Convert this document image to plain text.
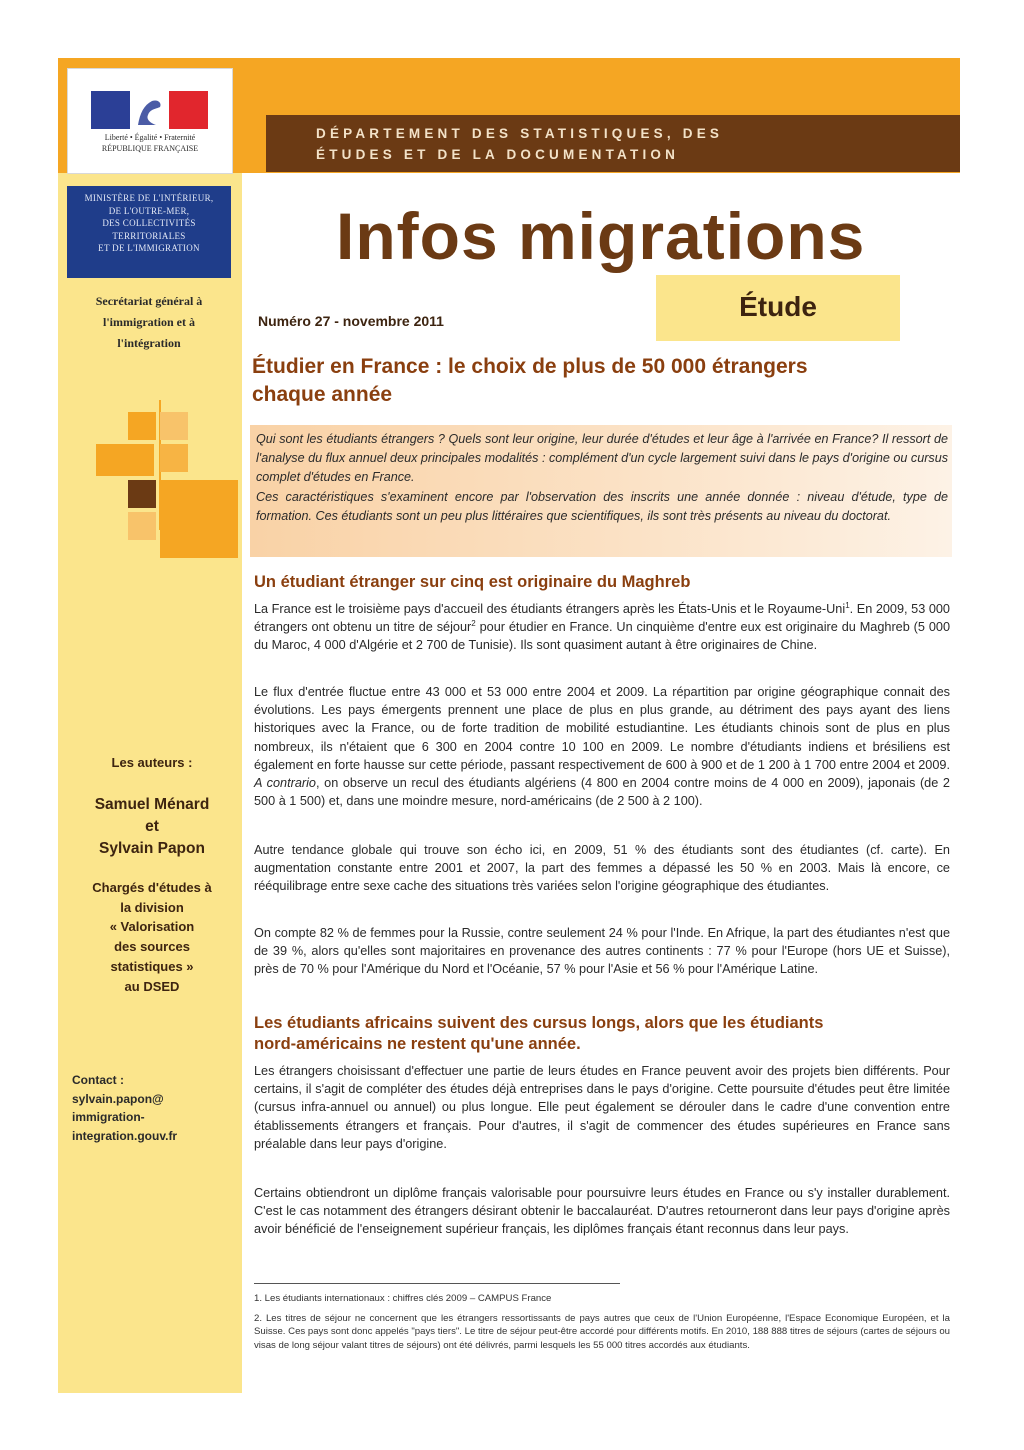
Liberté • Égalité • Fraternité
RÉPUBLIQUE FRANÇAISE
MINISTÈRE DE L'INTÉRIEUR,
DE L'OUTRE-MER,
DES COLLECTIVITÉS
TERRITORIALES
ET DE L'IMMIGRATION
Secrétariat général à
l'immigration et à
l'intégration
DÉPARTEMENT DES STATISTIQUES, DES
ÉTUDES ET DE LA DOCUMENTATION
Infos migrations
Étude
Numéro 27 - novembre 2011
Étudier en France : le choix de plus de 50 000 étrangers
chaque année

Qui sont les étudiants étrangers ? Quels sont leur origine, leur durée d'études et leur âge à l'arrivée en France? Il ressort de l'analyse du flux annuel deux principales modalités : complément d'un cycle largement suivi dans le pays d'origine ou cursus complet d'études en France.

Ces caractéristiques s'examinent encore par l'observation des inscrits une année donnée : niveau d'étude, type de formation. Ces étudiants sont un peu plus littéraires que scientifiques, ils sont très présents au niveau du doctorat.

Un étudiant étranger sur cinq est originaire du Maghreb

La France est le troisième pays d'accueil des étudiants étrangers après les États-Unis et le Royaume-Uni$^1$. En 2009, 53 000 étrangers ont obtenu un titre de séjour$^2$ pour étudier en France. Un cinquième d'entre eux est originaire du Maghreb (5 000 du Maroc, 4 000 d'Algérie et 2 700 de Tunisie). Ils sont quasiment autant à être originaires de Chine.

Le flux d'entrée fluctue entre 43 000 et 53 000 entre 2004 et 2009. La répartition par origine géographique connait des évolutions. Les pays émergents prennent une place de plus en plus grande, au détriment des pays ayant des liens historiques avec la France, ou de forte tradition de mobilité estudiantine. Les étudiants chinois sont de plus en plus nombreux, ils n'étaient que 6 300 en 2004 contre 10 100 en 2009. Le nombre d'étudiants indiens et brésiliens est également en forte hausse sur cette période, passant respectivement de 600 à 900 et de 1 200 à 1 700 entre 2004 et 2009. A contrario, on observe un recul des étudiants algériens (4 800 en 2004 contre moins de 4 000 en 2009), japonais (de 2 500 à 1 500) et, dans une moindre mesure, nord-américains (de 2 500 à 2 100).

Autre tendance globale qui trouve son écho ici, en 2009, 51 % des étudiants sont des étudiantes (cf. carte). En augmentation constante entre 2001 et 2007, la part des femmes a dépassé les 50 % en 2003. Mais là encore, ce rééquilibrage entre sexe cache des situations très variées selon l'origine géographique des étudiantes.

On compte 82 % de femmes pour la Russie, contre seulement 24 % pour l'Inde. En Afrique, la part des étudiantes n'est que de 39 %, alors qu'elles sont majoritaires en provenance des autres continents : 77 % pour l'Europe (hors UE et Suisse), près de 70 % pour l'Amérique du Nord et l'Océanie, 57 % pour l'Asie et 56 % pour l'Amérique Latine.

Les étudiants africains suivent des cursus longs, alors que les étudiants
nord-américains ne restent qu'une année.

Les étrangers choisissant d'effectuer une partie de leurs études en France peuvent avoir des projets bien différents. Pour certains, il s'agit de compléter des études déjà entreprises dans le pays d'origine. Cette poursuite d'études peut être limitée (cursus infra-annuel ou annuel) ou plus longue. Elle peut également se dérouler dans le cadre d'une convention entre établissements étrangers et français. Pour d'autres, il s'agit de commencer des études supérieures en France sans préalable dans leur pays d'origine.

Certains obtiendront un diplôme français valorisable pour poursuivre leurs études en France ou s'y installer durablement. C'est le cas notamment des étrangers désirant obtenir le baccalauréat. D'autres retourneront dans leur pays d'origine après avoir bénéficié de l'enseignement supérieur français, les diplômes français étant reconnus dans leur pays.

Les auteurs :
Samuel Ménard
et
Sylvain Papon
Chargés d'études à
la division
« Valorisation
des sources
statistiques »
au DSED
Contact :
sylvain.papon@
immigration-
integration.gouv.fr

1. Les étudiants internationaux : chiffres clés 2009 – CAMPUS France

2. Les titres de séjour ne concernent que les étrangers ressortissants de pays autres que ceux de l'Union Européenne, l'Espace Economique Européen, et la Suisse. Ces pays sont donc appelés "pays tiers". Le titre de séjour peut-être accordé pour différents motifs. En 2010, 188 888 titres de séjours (cartes de séjours ou visas de long séjour valant titres de séjours) ont été délivrés, parmi lesquels les 55 000 titres accordés aux étudiants.
